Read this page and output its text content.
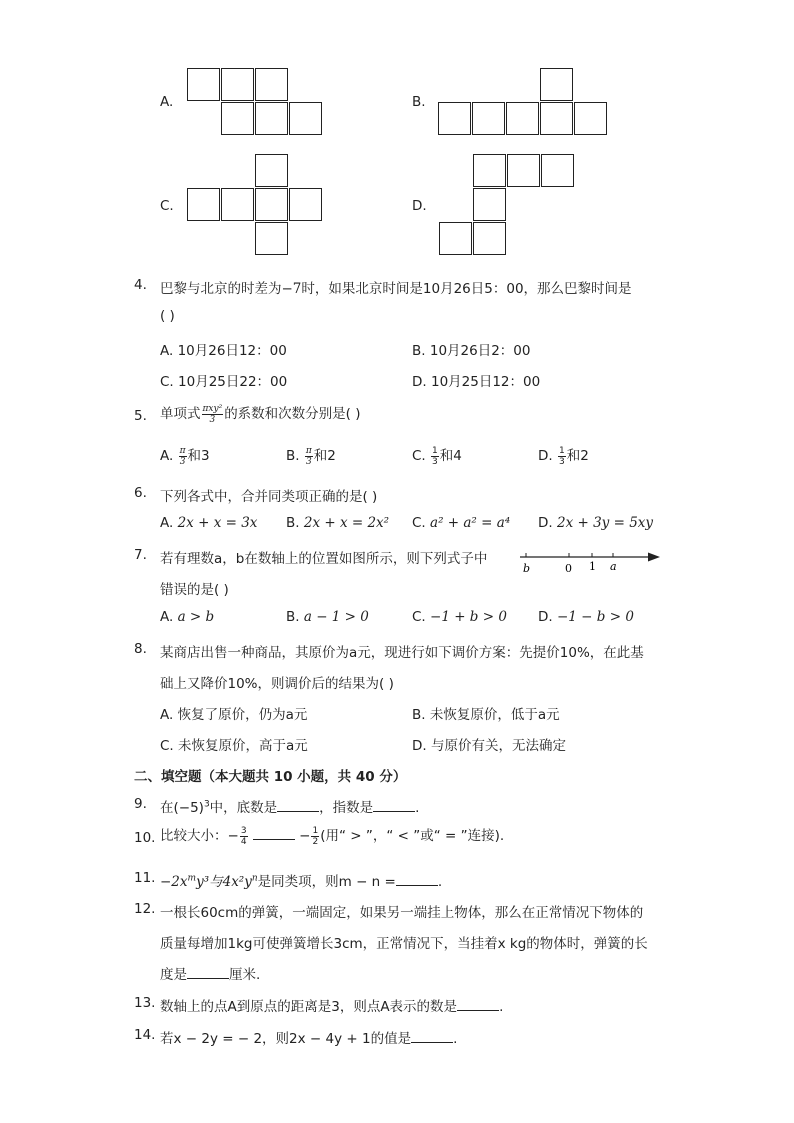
A.	B.
C.	D.
4. 巴黎与北京的时差为−7时，如果北京时间是10月26日5：00，那么巴黎时间是
( )
A. 10月26日12：00	B. 10月26日2：00
C. 10月25日22：00	D. 10月25日12：00
5. 单项式 $\frac{\text{πxy²}}{3}$ 的系数和次数分别是( )
A. $\frac{\pi}{3}$ 和3	B. $\frac{\pi}{3}$ 和2	C. $\frac{1}{3}$ 和4	D. $\frac{1}{3}$ 和2
6. 下列各式中，合并同类项正确的是( )
A. 2x + x = 3x B. 2x + x = 2x² C. a² + a² = a⁴ D. 2x + 3y = 5xy
7. 若有理数a，b在数轴上的位置如图所示，则下列式子中
错误的是( )
b	0 1 a
A. a > b	B. a − 1 > 0	C. −1 + b > 0 D. −1 − b > 0
8. 某商店出售一种商品，其原价为a元，现进行如下调价方案：先提价10%，在此基
础上又降价10%，则调价后的结果为( )
A. 恢复了原价，仍为a元	B. 未恢复原价，低于a元
C. 未恢复原价，高于a元	D. 与原价有关，无法确定
二、填空题（本大题共 10 小题，共 40 分）
9. 在$(-5)^3$中，底数是	，指数是	.
10. 比较大小：− $\frac{3}{4}$	− $\frac{1}{2}$ (用“ > ”，“ < ”或“ = ”连接).
11. $-2x^my^3$与$4x^2y^n$是同类项，则m − n =	.
12. 一根长60cm的弹簧，一端固定，如果另一端挂上物体，那么在正常情况下物体的
质量每增加1kg可使弹簧增长3cm，正常情况下，当挂着x kg的物体时，弹簧的长
度是	厘米.
13. 数轴上的点A到原点的距离是3，则点A表示的数是	.
14. 若x − 2y = − 2，则2x − 4y + 1的值是	.
